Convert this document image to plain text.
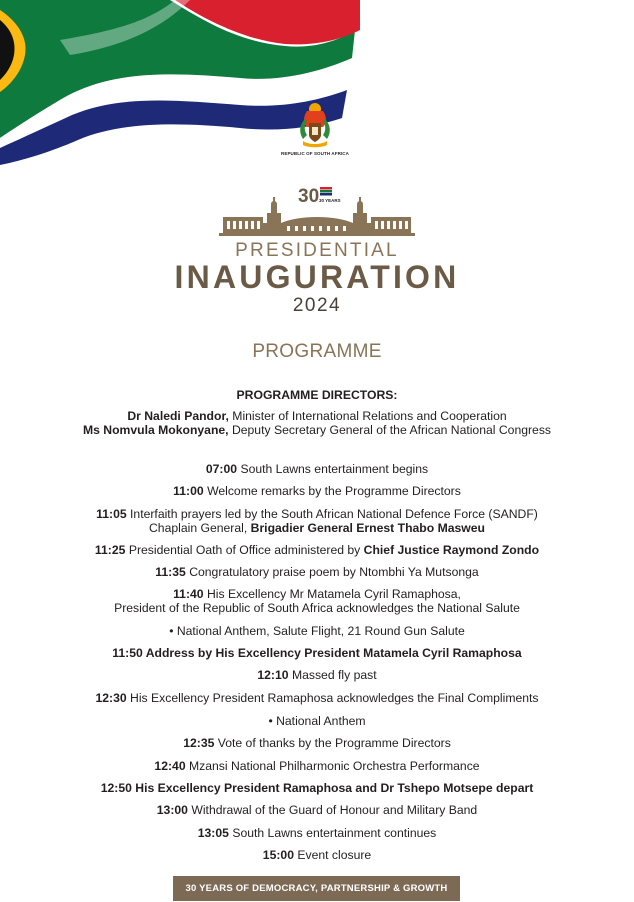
REPUBLIC OF SOUTH AFRICA
30 30 YEARS
PRESIDENTIAL
INAUGURATION
2024
PROGRAMME
PROGRAMME DIRECTORS:
Dr Naledi Pandor, Minister of International Relations and Cooperation
Ms Nomvula Mokonyane, Deputy Secretary General of the African National Congress
07:00 South Lawns entertainment begins
11:00 Welcome remarks by the Programme Directors
11:05 Interfaith prayers led by the South African National Defence Force (SANDF)
Chaplain General, Brigadier General Ernest Thabo Masweu
11:25 Presidential Oath of Office administered by Chief Justice Raymond Zondo
11:35 Congratulatory praise poem by Ntombhi Ya Mutsonga
11:40 His Excellency Mr Matamela Cyril Ramaphosa,
President of the Republic of South Africa acknowledges the National Salute
• National Anthem, Salute Flight, 21 Round Gun Salute
11:50 Address by His Excellency President Matamela Cyril Ramaphosa
12:10 Massed fly past
12:30 His Excellency President Ramaphosa acknowledges the Final Compliments
• National Anthem
12:35 Vote of thanks by the Programme Directors
12:40 Mzansi National Philharmonic Orchestra Performance
12:50 His Excellency President Ramaphosa and Dr Tshepo Motsepe depart
13:00 Withdrawal of the Guard of Honour and Military Band
13:05 South Lawns entertainment continues
15:00 Event closure
30 YEARS OF DEMOCRACY, PARTNERSHIP & GROWTH
